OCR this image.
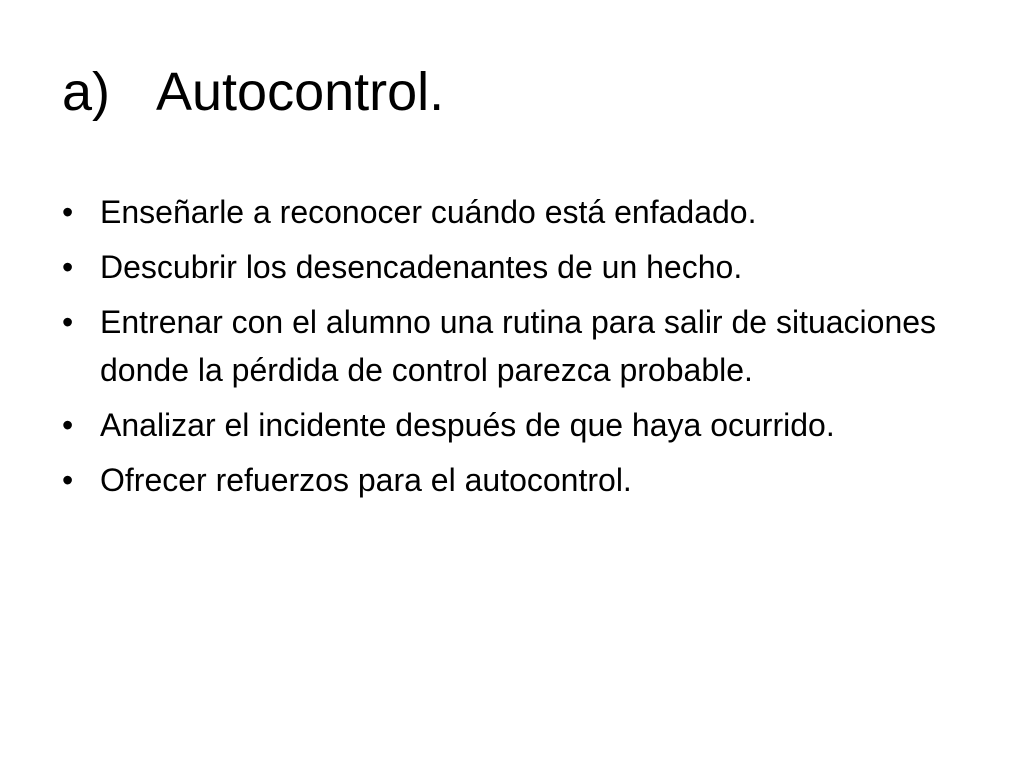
a) Autocontrol.
• Enseñarle a reconocer cuándo está enfadado.
• Descubrir los desencadenantes de un hecho.
• Entrenar con el alumno una rutina para salir de situaciones donde la pérdida de control parezca probable.
• Analizar el incidente después de que haya ocurrido.
• Ofrecer refuerzos para el autocontrol.
